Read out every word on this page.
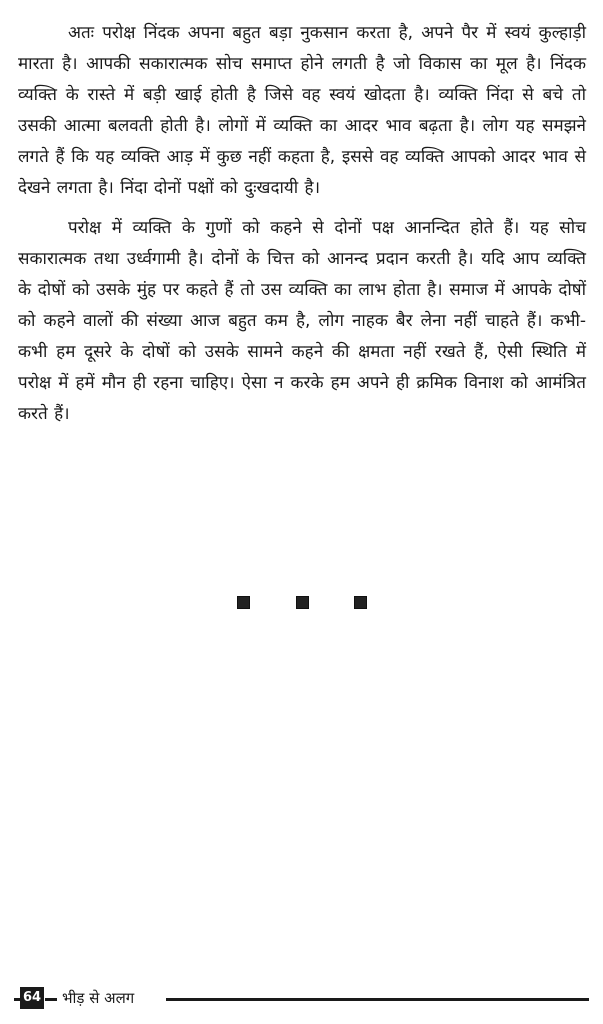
अतः परोक्ष निंदक अपना बहुत बड़ा नुकसान करता है, अपने पैर में स्वयं कुल्हाड़ी मारता है। आपकी सकारात्मक सोच समाप्त होने लगती है जो विकास का मूल है। निंदक व्यक्ति के रास्ते में बड़ी खाई होती है जिसे वह स्वयं खोदता है। व्यक्ति निंदा से बचे तो उसकी आत्मा बलवती होती है। लोगों में व्यक्ति का आदर भाव बढ़ता है। लोग यह समझने लगते हैं कि यह व्यक्ति आड़ में कुछ नहीं कहता है, इससे वह व्यक्ति आपको आदर भाव से देखने लगता है। निंदा दोनों पक्षों को दुःखदायी है।

परोक्ष में व्यक्ति के गुणों को कहने से दोनों पक्ष आनन्दित होते हैं। यह सोच सकारात्मक तथा उर्ध्वगामी है। दोनों के चित्त को आनन्द प्रदान करती है। यदि आप व्यक्ति के दोषों को उसके मुंह पर कहते हैं तो उस व्यक्ति का लाभ होता है। समाज में आपके दोषों को कहने वालों की संख्या आज बहुत कम है, लोग नाहक बैर लेना नहीं चाहते हैं। कभी-कभी हम दूसरे के दोषों को उसके सामने कहने की क्षमता नहीं रखते हैं, ऐसी स्थिति में परोक्ष में हमें मौन ही रहना चाहिए। ऐसा न करके हम अपने ही क्रमिक विनाश को आमंत्रित करते हैं।

64 भीड़ से अलग
